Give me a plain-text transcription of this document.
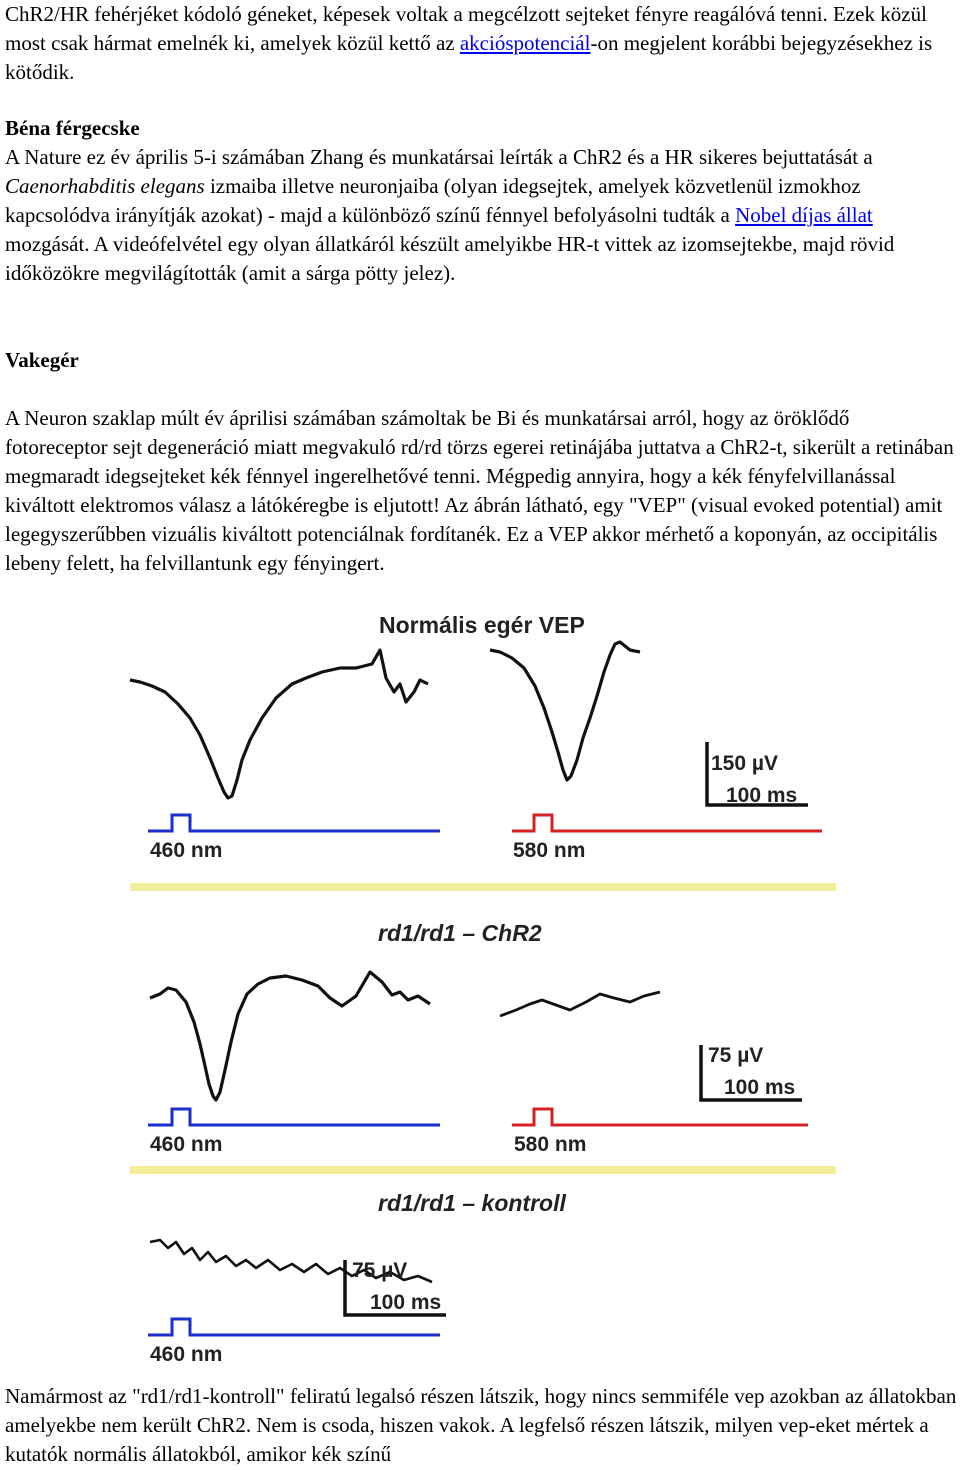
ChR2/HR fehérjéket kódoló géneket, képesek voltak a megcélzott sejteket fényre reagálóvá tenni. Ezek közül most csak hármat emelnék ki, amelyek közül kettő az akcióspotenciál-on megjelent korábbi bejegyzésekhez is kötődik.

Béna férgecske

A Nature ez év április 5-i számában Zhang és munkatársai leírták a ChR2 és a HR sikeres bejuttatását a Caenorhabditis elegans izmaiba illetve neuronjaiba (olyan idegsejtek, amelyek közvetlenül izmokhoz kapcsolódva irányítják azokat) - majd a különböző színű fénnyel befolyásolni tudták a Nobel díjas állat mozgását. A videófelvétel egy olyan állatkáról készült amelyikbe HR-t vittek az izomsejtekbe, majd rövid időközökre megvilágították (amit a sárga pötty jelez).

Vakegér

A Neuron szaklap múlt év áprilisi számában számoltak be Bi és munkatársai arról, hogy az öröklődő fotoreceptor sejt degeneráció miatt megvakuló rd/rd törzs egerei retinájába juttatva a ChR2-t, sikerült a retinában megmaradt idegsejteket kék fénnyel ingerelhetővé tenni. Mégpedig annyira, hogy a kék fényfelvillanással kiváltott elektromos válasz a látókéregbe is eljutott! Az ábrán látható, egy "VEP" (visual evoked potential) amit legegyszerűbben vizuális kiváltott potenciálnak fordítanék. Ez a VEP akkor mérhető a koponyán, az occipitális lebeny felett, ha felvillantunk egy fényingert.

Normális egér VEP
150 µV
100 ms
460 nm	580 nm
rd1/rd1 – ChR2
75 µV
100 ms
460 nm	580 nm
rd1/rd1 – kontroll
75 µV
100 ms
460 nm

Namármost az "rd1/rd1-kontroll" feliratú legalsó részen látszik, hogy nincs semmiféle vep azokban az állatokban amelyekbe nem került ChR2. Nem is csoda, hiszen vakok. A legfelső részen látszik, milyen vep-eket mértek a kutatók normális állatokból, amikor kék színű
